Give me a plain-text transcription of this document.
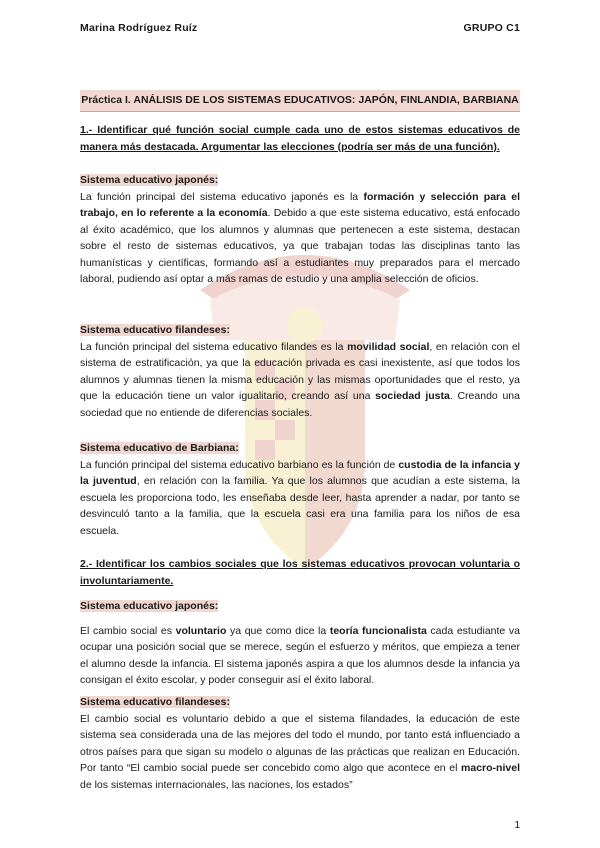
Marina Rodríguez Ruíz	GRUPO C1
Práctica I. ANÁLISIS DE LOS SISTEMAS EDUCATIVOS: JAPÓN, FINLANDIA, BARBIANA

1.- Identificar qué función social cumple cada uno de estos sistemas educativos de manera más destacada. Argumentar las elecciones (podría ser más de una función).

Sistema educativo japonés:

La función principal del sistema educativo japonés es la formación y selección para el trabajo, en lo referente a la economía. Debido a que este sistema educativo, está enfocado al éxito académico, que los alumnos y alumnas que pertenecen a este sistema, destacan sobre el resto de sistemas educativos, ya que trabajan todas las disciplinas tanto las humanísticas y científicas, formando así a estudiantes muy preparados para el mercado laboral, pudiendo así optar a más ramas de estudio y una amplia selección de oficios.

Sistema educativo filandeses:

La función principal del sistema educativo filandes es la movilidad social, en relación con el sistema de estratificación, ya que la educación privada es casi inexistente, así que todos los alumnos y alumnas tienen la misma educación y las mismas oportunidades que el resto, ya que la educación tiene un valor igualitario, creando así una sociedad justa. Creando una sociedad que no entiende de diferencias sociales.

Sistema educativo de Barbiana:

La función principal del sistema educativo barbiano es la función de custodia de la infancia y la juventud, en relación con la familia. Ya que los alumnos que acudían a este sistema, la escuela les proporciona todo, les enseñaba desde leer, hasta aprender a nadar, por tanto se desvinculó tanto a la familia, que la escuela casi era una familia para los niños de esa escuela.

2.- Identificar los cambios sociales que los sistemas educativos provocan voluntaria o involuntariamente.

Sistema educativo japonés:

El cambio social es voluntario ya que como dice la teoría funcionalista cada estudiante va ocupar una posición social que se merece, según el esfuerzo y méritos, que empieza a tener el alumno desde la infancia. El sistema japonés aspira a que los alumnos desde la infancia ya consigan el éxito escolar, y poder conseguir así el éxito laboral.

Sistema educativo filandeses:

El cambio social es voluntario debido a que el sistema filandades, la educación de este sistema sea considerada una de las mejores del todo el mundo, por tanto está influenciado a otros países para que sigan su modelo o algunas de las prácticas que realizan en Educación. Por tanto “El cambio social puede ser concebido como algo que acontece en el macro-nivel de los sistemas internacionales, las naciones, los estados”

1
